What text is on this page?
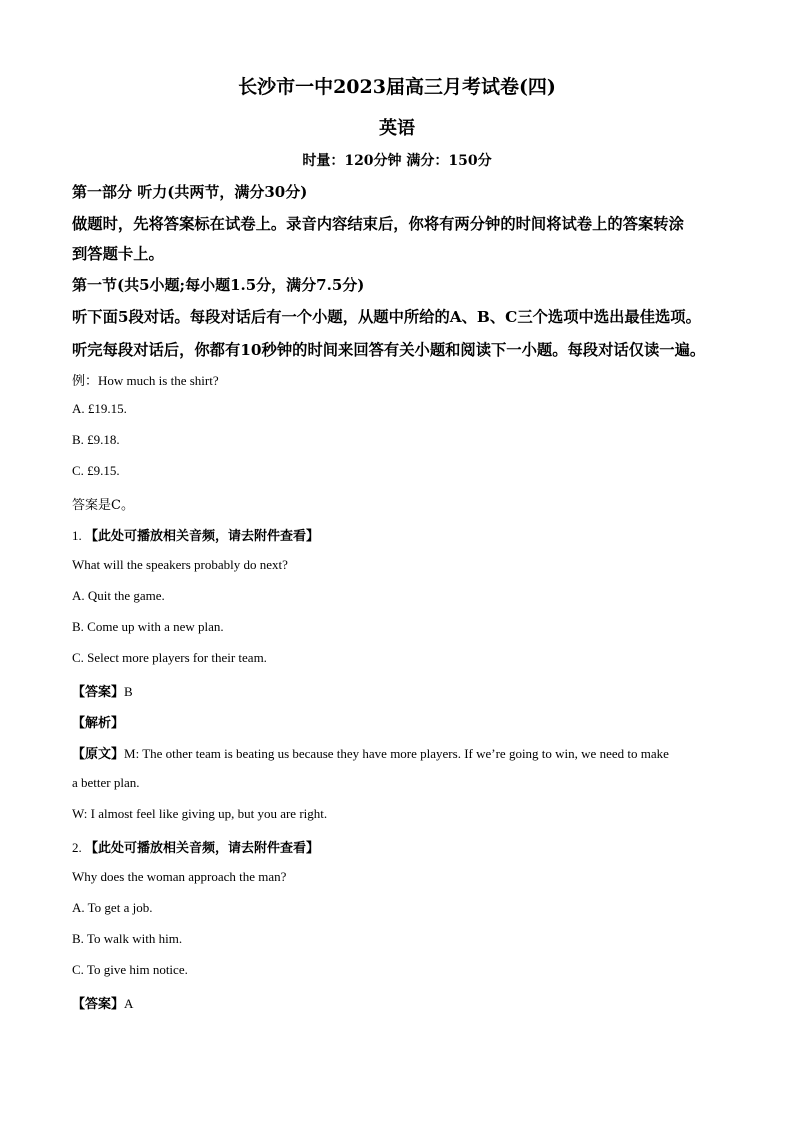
长沙市一中2023届高三月考试卷(四)
英语
时量：120分钟 满分：150分
第一部分 听力(共两节，满分30分)
做题时，先将答案标在试卷上。录音内容结束后，你将有两分钟的时间将试卷上的答案转涂
到答题卡上。
第一节(共5小题;每小题1.5分，满分7.5分)
听下面5段对话。每段对话后有一个小题，从题中所给的A、B、C三个选项中选出最佳选项。
听完每段对话后，你都有10秒钟的时间来回答有关小题和阅读下一小题。每段对话仅读一遍。
例：How much is the shirt?
A. £19.15.
B. £9.18.
C. £9.15.
答案是C。
1. 【此处可播放相关音频，请去附件查看】
What will the speakers probably do next?
A. Quit the game.
B. Come up with a new plan.
C. Select more players for their team.
【答案】B
【解析】
【原文】M: The other team is beating us because they have more players. If we’re going to win, we need to make
a better plan.
W: I almost feel like giving up, but you are right.
2. 【此处可播放相关音频，请去附件查看】
Why does the woman approach the man?
A. To get a job.
B. To walk with him.
C. To give him notice.
【答案】A
